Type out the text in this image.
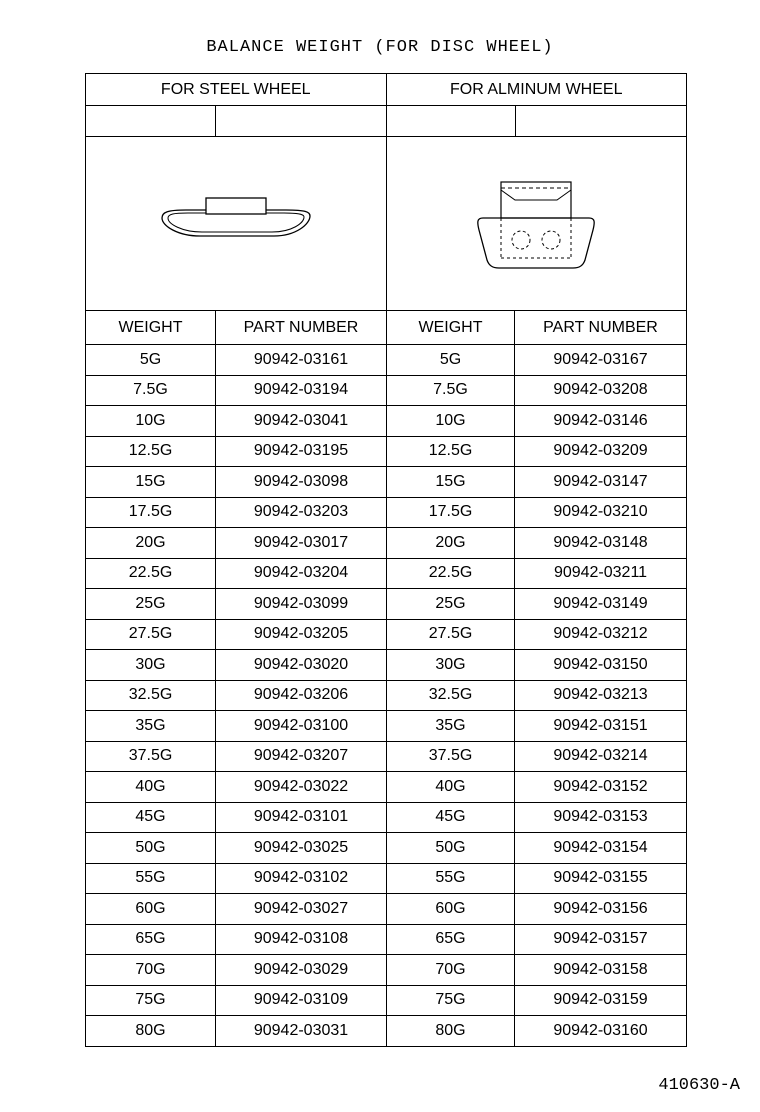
BALANCE WEIGHT (FOR DISC WHEEL)
FOR STEEL WHEEL	FOR ALMINUM WHEEL
WEIGHT	PART NUMBER	WEIGHT	PART NUMBER
5G	90942-03161	5G	90942-03167
7.5G	90942-03194	7.5G	90942-03208
10G	90942-03041	10G	90942-03146
12.5G	90942-03195	12.5G	90942-03209
15G	90942-03098	15G	90942-03147
17.5G	90942-03203	17.5G	90942-03210
20G	90942-03017	20G	90942-03148
22.5G	90942-03204	22.5G	90942-03211
25G	90942-03099	25G	90942-03149
27.5G	90942-03205	27.5G	90942-03212
30G	90942-03020	30G	90942-03150
32.5G	90942-03206	32.5G	90942-03213
35G	90942-03100	35G	90942-03151
37.5G	90942-03207	37.5G	90942-03214
40G	90942-03022	40G	90942-03152
45G	90942-03101	45G	90942-03153
50G	90942-03025	50G	90942-03154
55G	90942-03102	55G	90942-03155
60G	90942-03027	60G	90942-03156
65G	90942-03108	65G	90942-03157
70G	90942-03029	70G	90942-03158
75G	90942-03109	75G	90942-03159
80G	90942-03031	80G	90942-03160
410630-A
